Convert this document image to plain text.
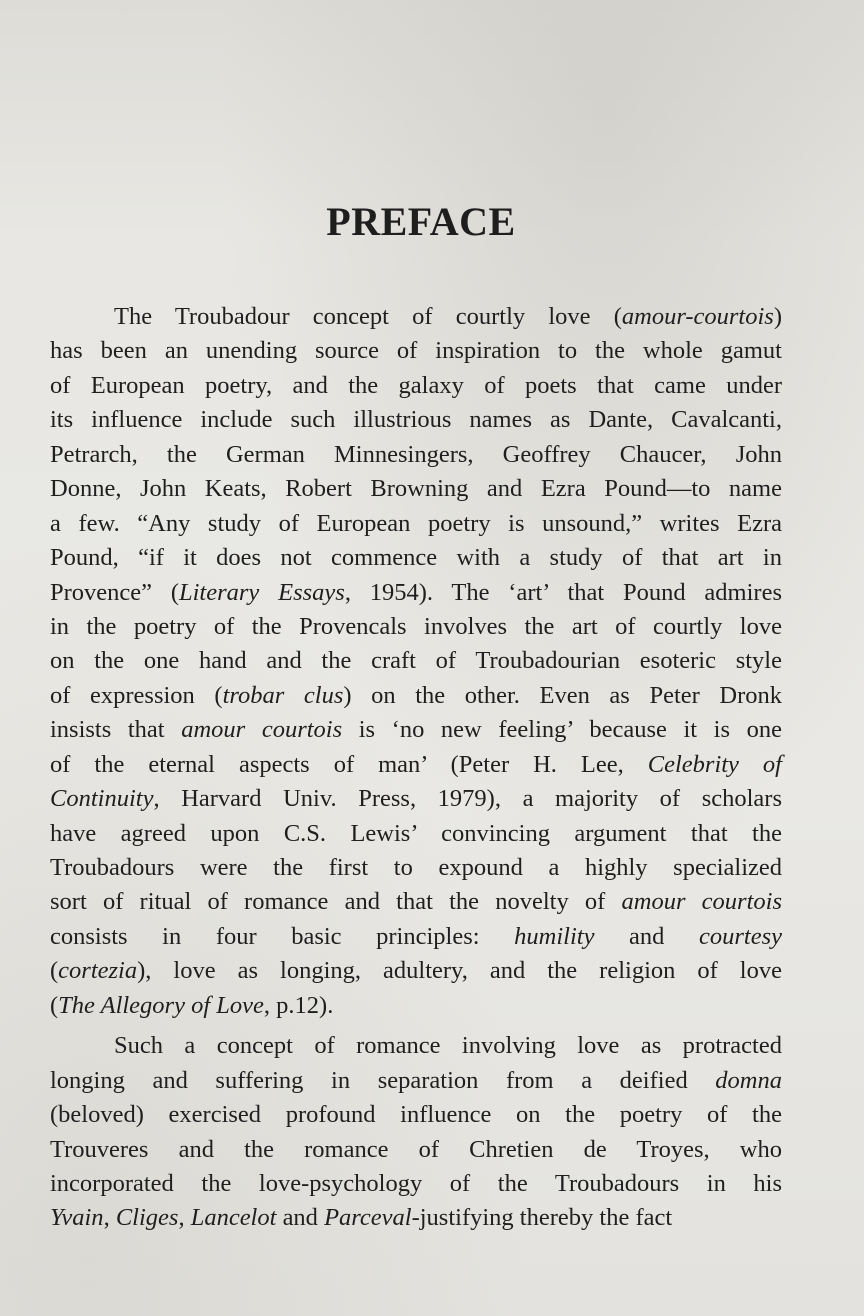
PREFACE
The Troubadour concept of courtly love (amour-courtois)
has been an unending source of inspiration to the whole gamut
of European poetry, and the galaxy of poets that came under
its influence include such illustrious names as Dante, Cavalcanti,
Petrarch, the German Minnesingers, Geoffrey Chaucer, John
Donne, John Keats, Robert Browning and Ezra Pound—to name
a few. “Any study of European poetry is unsound,” writes Ezra
Pound, “if it does not commence with a study of that art in
Provence” (Literary Essays, 1954). The ‘art’ that Pound admires
in the poetry of the Provencals involves the art of courtly love
on the one hand and the craft of Troubadourian esoteric style
of expression (trobar clus) on the other. Even as Peter Dronk
insists that amour courtois is ‘no new feeling’ because it is one
of the eternal aspects of man’ (Peter H. Lee, Celebrity of
Continuity, Harvard Univ. Press, 1979), a majority of scholars
have agreed upon C.S. Lewis’ convincing argument that the
Troubadours were the first to expound a highly specialized
sort of ritual of romance and that the novelty of amour courtois
consists in four basic principles: humility and courtesy
(cortezia), love as longing, adultery, and the religion of love
(The Allegory of Love, p.12).
Such a concept of romance involving love as protracted
longing and suffering in separation from a deified domna
(beloved) exercised profound influence on the poetry of the
Trouveres and the romance of Chretien de Troyes, who
incorporated the love-psychology of the Troubadours in his
Yvain, Cliges, Lancelot and Parceval-justifying thereby the fact
